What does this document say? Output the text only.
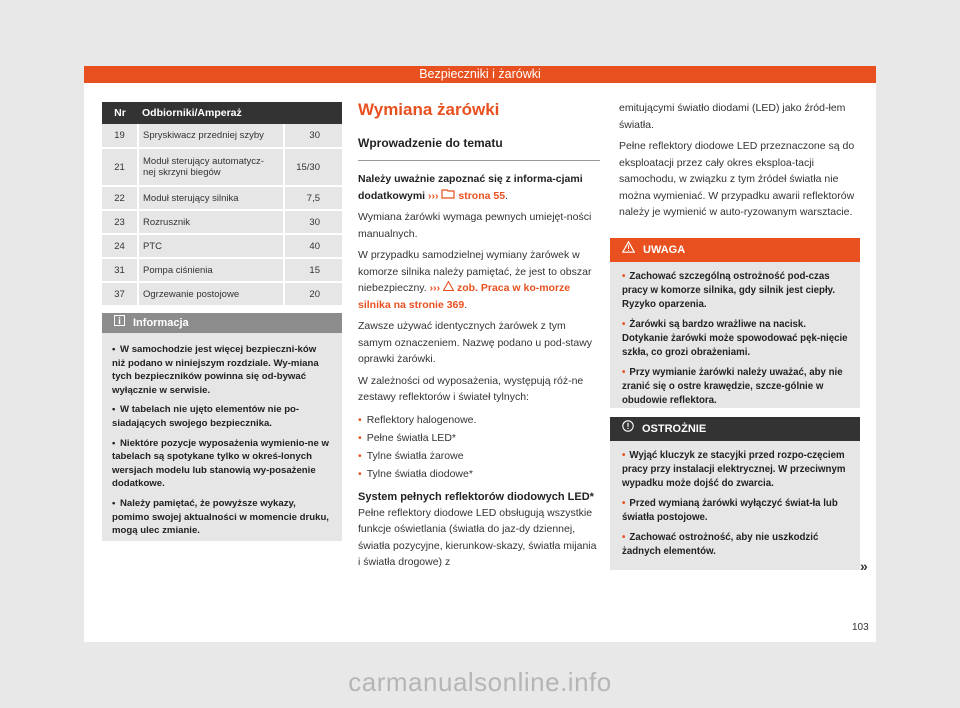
Bezpieczniki i żarówki
Nr	Odbiorniki/Amperaż	
19	Spryskiwacz przedniej szyby	30
21	Moduł sterujący automatycz-
nej skrzyni biegów	15/30
22	Moduł sterujący silnika	7,5
23	Rozrusznik	30
24	PTC	40
31	Pompa ciśnienia	15
37	Ogrzewanie postojowe	20
Informacja

• W samochodzie jest więcej bezpieczni-ków niż podano w niniejszym rozdziale. Wy-miana tych bezpieczników powinna się od-bywać wyłącznie w serwisie.

• W tabelach nie ujęto elementów nie po-siadających swojego bezpiecznika.

• Niektóre pozycje wyposażenia wymienio-ne w tabelach są spotykane tylko w okreś-lonych wersjach modelu lub stanowią wy-posażenie dodatkowe.

• Należy pamiętać, że powyższe wykazy, pomimo swojej aktualności w momencie druku, mogą ulec zmianie.

Wymiana żarówki
Wprowadzenie do tematu
Należy uważnie zapoznać się z informa-cjami dodatkowymi ››› strona 55.
Wymiana żarówki wymaga pewnych umiejęt-ności manualnych.
W przypadku samodzielnej wymiany żarówek w komorze silnika należy pamiętać, że jest to obszar niebezpieczny. ››› zob. Praca w ko-morze silnika na stronie 369.
Zawsze używać identycznych żarówek z tym samym oznaczeniem. Nazwę podano u pod-stawy oprawki żarówki.
W zależności od wyposażenia, występują róż-ne zestawy reflektorów i świateł tylnych:
• Reflektory halogenowe.
• Pełne światła LED*
• Tylne światła żarowe
• Tylne światła diodowe*
System pełnych reflektorów diodowych LED*
Pełne reflektory diodowe LED obsługują wszystkie funkcje oświetlania (światła do jaz-dy dziennej, światła pozycyjne, kierunkow-skazy, światła mijania i światła drogowe) z
emitującymi światło diodami (LED) jako źród-łem światła.
Pełne reflektory diodowe LED przeznaczone są do eksploatacji przez cały okres eksploa-tacji samochodu, w związku z tym źródeł światła nie można wymieniać. W przypadku awarii reflektorów należy je wymienić w auto-ryzowanym warsztacie.
UWAGA

• Zachować szczególną ostrożność pod-czas pracy w komorze silnika, gdy silnik jest ciepły. Ryzyko oparzenia.

• Żarówki są bardzo wrażliwe na nacisk. Dotykanie żarówki może spowodować pęk-nięcie szkła, co grozi obrażeniami.

• Przy wymianie żarówki należy uważać, aby nie zranić się o ostre krawędzie, szcze-gólnie w obudowie reflektora.

OSTROŻNIE

• Wyjąć kluczyk ze stacyjki przed rozpo-częciem pracy przy instalacji elektrycznej. W przeciwnym wypadku może dojść do zwarcia.

• Przed wymianą żarówki wyłączyć świat-ła lub światła postojowe.

• Zachować ostrożność, aby nie uszkodzić żadnych elementów.

»
103
carmanualsonline.info
